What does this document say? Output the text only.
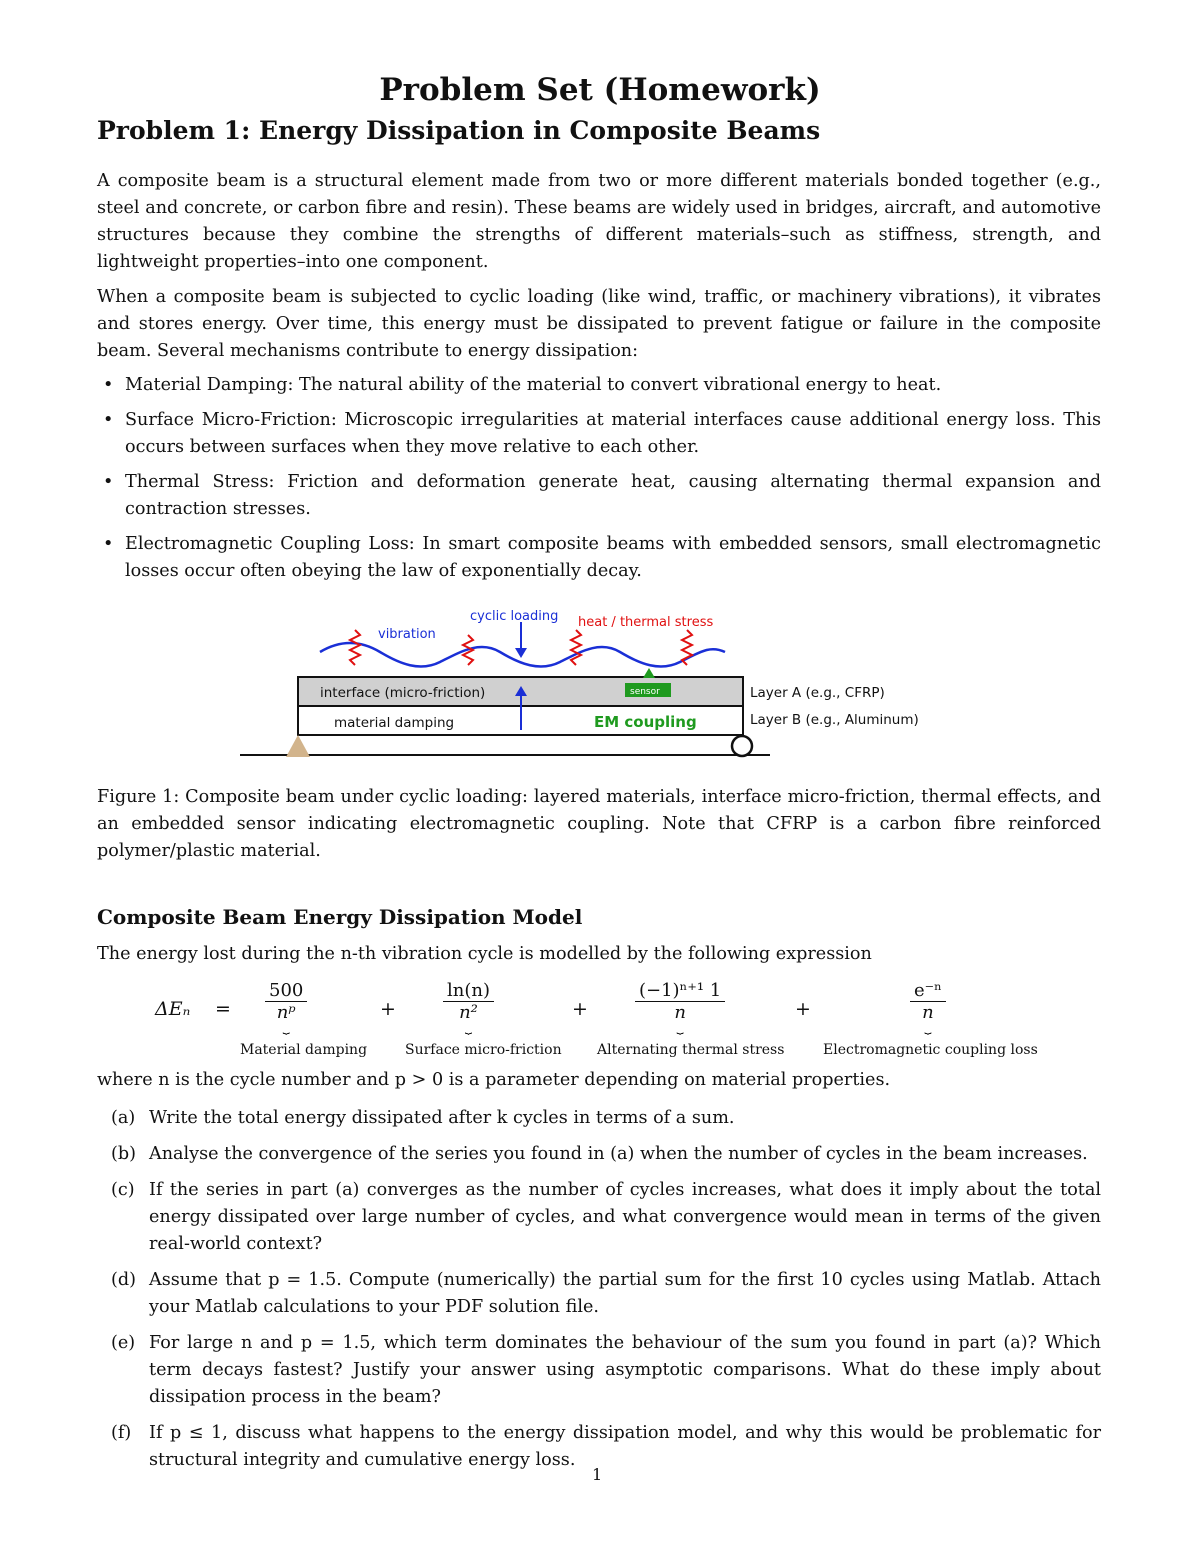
Problem Set (Homework)
Problem 1: Energy Dissipation in Composite Beams
A composite beam is a structural element made from two or more different materials bonded together (e.g., steel and concrete, or carbon fibre and resin). These beams are widely used in bridges, aircraft, and automotive structures because they combine the strengths of different materials–such as stiffness, strength, and lightweight properties–into one component.
When a composite beam is subjected to cyclic loading (like wind, traffic, or machinery vibrations), it vibrates and stores energy. Over time, this energy must be dissipated to prevent fatigue or failure in the composite beam. Several mechanisms contribute to energy dissipation:
• Material Damping: The natural ability of the material to convert vibrational energy to heat.
• Surface Micro-Friction: Microscopic irregularities at material interfaces cause additional energy loss. This occurs between surfaces when they move relative to each other.
• Thermal Stress: Friction and deformation generate heat, causing alternating thermal expansion and contraction stresses.
• Electromagnetic Coupling Loss: In smart composite beams with embedded sensors, small electromagnetic losses occur often obeying the law of exponentially decay.
vibration
cyclic loading heat / thermal stress
interface (micro-friction)	sensor
material damping	EM coupling
Layer A (e.g., CFRP)
Layer B (e.g., Aluminum)
Figure 1: Composite beam under cyclic loading: layered materials, interface micro-friction, thermal effects, and an embedded sensor indicating electromagnetic coupling. Note that CFRP is a carbon fibre reinforced polymer/plastic material.
Composite Beam Energy Dissipation Model
The energy lost during the n-th vibration cycle is modelled by the following expression
ΔEₙ =
500
nᵖ
⏟
+
ln(n)
n²
⏟
+
(−1)ⁿ⁺¹ 1
n
⏟
+
e⁻ⁿ
n
⏟
Material damping	Surface micro-friction	Alternating thermal stress	Electromagnetic coupling loss
where n is the cycle number and p > 0 is a parameter depending on material properties.
(a) Write the total energy dissipated after k cycles in terms of a sum.
(b) Analyse the convergence of the series you found in (a) when the number of cycles in the beam increases.
(c) If the series in part (a) converges as the number of cycles increases, what does it imply about the total energy dissipated over large number of cycles, and what convergence would mean in terms of the given real-world context?
(d) Assume that p = 1.5. Compute (numerically) the partial sum for the first 10 cycles using Matlab. Attach your Matlab calculations to your PDF solution file.
(e) For large n and p = 1.5, which term dominates the behaviour of the sum you found in part (a)? Which term decays fastest? Justify your answer using asymptotic comparisons. What do these imply about dissipation process in the beam?
(f) If p ≤ 1, discuss what happens to the energy dissipation model, and why this would be problematic for structural integrity and cumulative energy loss.
1
